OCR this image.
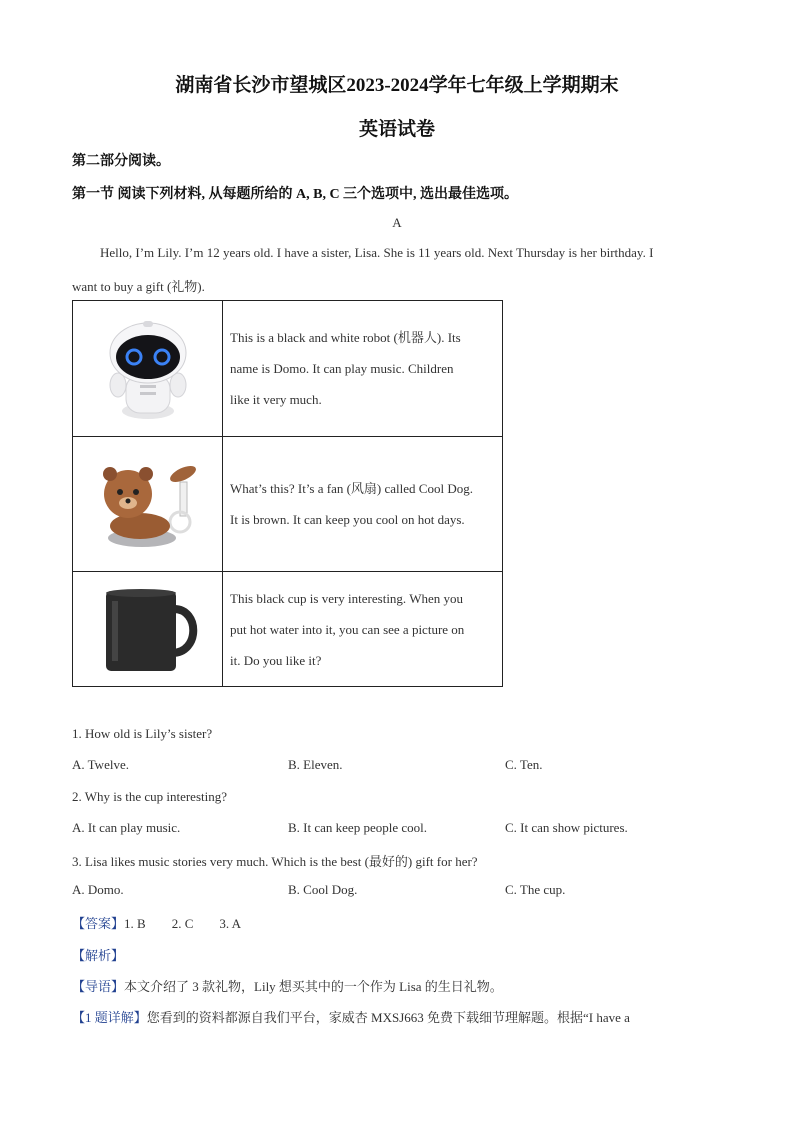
湖南省长沙市望城区2023-2024学年七年级上学期期末
英语试卷
第二部分阅读。
第一节 阅读下列材料, 从每题所给的 A, B, C 三个选项中, 选出最佳选项。
A
Hello, I’m Lily. I’m 12 years old. I have a sister, Lisa. She is 11 years old. Next Thursday is her birthday. I
want to buy a gift (礼物).

This is a black and white robot (机器人). Its
name is Domo. It can play music. Children
like it very much.

What’s this? It’s a fan (风扇) called Cool Dog.
It is brown. It can keep you cool on hot days.

This black cup is very interesting. When you
put hot water into it, you can see a picture on
it. Do you like it?
1. How old is Lily’s sister?
A. Twelve.	B. Eleven.	C. Ten.
2. Why is the cup interesting?
A. It can play music.	B. It can keep people cool.	C. It can show pictures.
3. Lisa likes music stories very much. Which is the best (最好的) gift for her?
A. Domo.	B. Cool Dog.	C. The cup.
【答案】1. B 2. C 3. A
【解析】
【导语】本文介绍了 3 款礼物，Lily 想买其中的一个作为 Lisa 的生日礼物。
【1 题详解】您看到的资料都源自我们平台，家威杏 MXSJ663 免费下载细节理解题。根据“I have a
